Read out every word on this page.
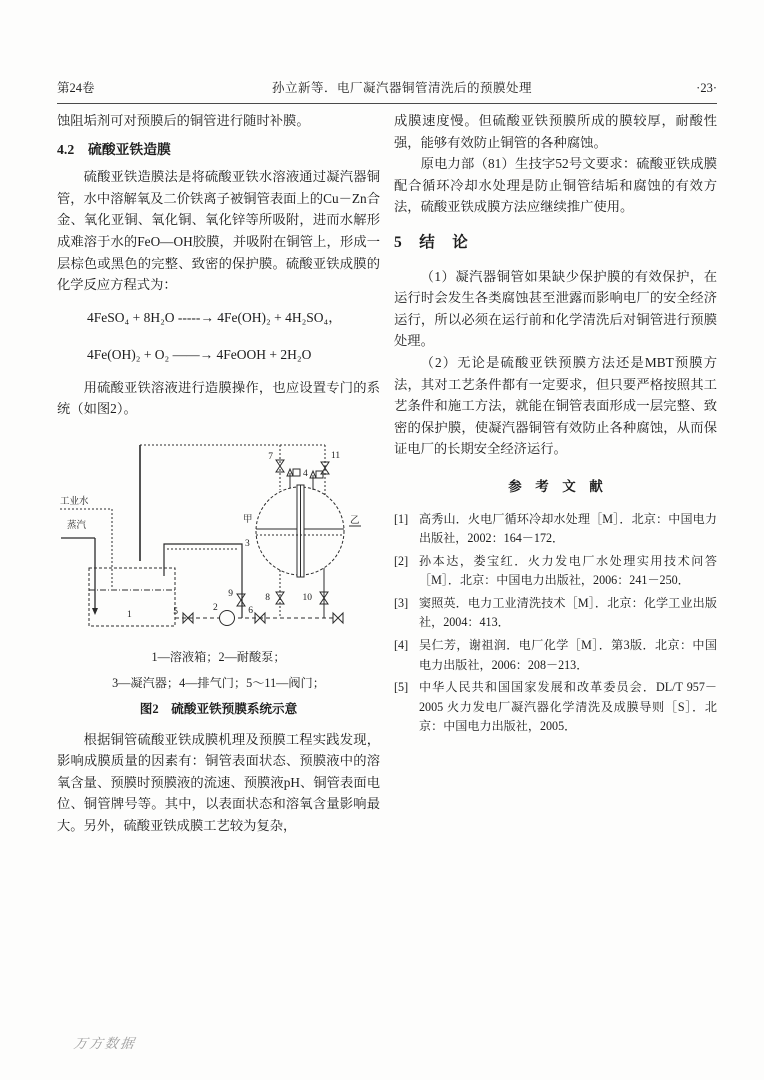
第24卷	孙立新等．电厂凝汽器铜管清洗后的预膜处理	·23·

蚀阻垢剂可对预膜后的铜管进行随时补膜。

4.2　硫酸亚铁造膜

硫酸亚铁造膜法是将硫酸亚铁水溶液通过凝汽器铜管，水中溶解氧及二价铁离子被铜管表面上的Cu－Zn合金、氧化亚铜、氧化铜、氧化锌等所吸附，进而水解形成难溶于水的FeO—OH胶膜，并吸附在铜管上，形成一层棕色或黑色的完整、致密的保护膜。硫酸亚铁成膜的化学反应方程式为：

4FeSO₄ + 8H₂O -----→ 4Fe(OH)₂ + 4H₂SO₄，
4Fe(OH)₂ + O₂ ——→ 4FeOOH + 2H₂O

用硫酸亚铁溶液进行造膜操作，也应设置专门的系统（如图2）。

工业水
蒸汽
1	5	2
9
6
甲
3
乙
4
7	11
8	10

1—溶液箱；2—耐酸泵；

3—凝汽器；4—排气门；5～11—阀门；

图2　硫酸亚铁预膜系统示意

根据铜管硫酸亚铁成膜机理及预膜工程实践发现，影响成膜质量的因素有：铜管表面状态、预膜液中的溶氧含量、预膜时预膜液的流速、预膜液pH、铜管表面电位、铜管牌号等。其中，以表面状态和溶氧含量影响最大。另外，硫酸亚铁成膜工艺较为复杂，

成膜速度慢。但硫酸亚铁预膜所成的膜较厚，耐酸性强，能够有效防止铜管的各种腐蚀。

原电力部（81）生技字52号文要求：硫酸亚铁成膜配合循环冷却水处理是防止铜管结垢和腐蚀的有效方法，硫酸亚铁成膜方法应继续推广使用。

5　结　论

（1）凝汽器铜管如果缺少保护膜的有效保护，在运行时会发生各类腐蚀甚至泄露而影响电厂的安全经济运行，所以必须在运行前和化学清洗后对铜管进行预膜处理。

（2）无论是硫酸亚铁预膜方法还是MBT预膜方法，其对工艺条件都有一定要求，但只要严格按照其工艺条件和施工方法，就能在铜管表面形成一层完整、致密的保护膜，使凝汽器铜管有效防止各种腐蚀，从而保证电厂的长期安全经济运行。

参　考　文　献

[1] 高秀山．火电厂循环冷却水处理［M］．北京：中国电力出版社，2002：164－172．
[2] 孙本达，娄宝红．火力发电厂水处理实用技术问答［M］．北京：中国电力出版社，2006：241－250．
[3] 窦照英．电力工业清洗技术［M］．北京：化学工业出版社，2004：413．
[4] 吴仁芳，谢祖润．电厂化学［M］．第3版．北京：中国电力出版社，2006：208－213．
[5] 中华人民共和国国家发展和改革委员会．DL/T 957－2005 火力发电厂凝汽器化学清洗及成膜导则［S］．北京：中国电力出版社，2005．
万方数据
